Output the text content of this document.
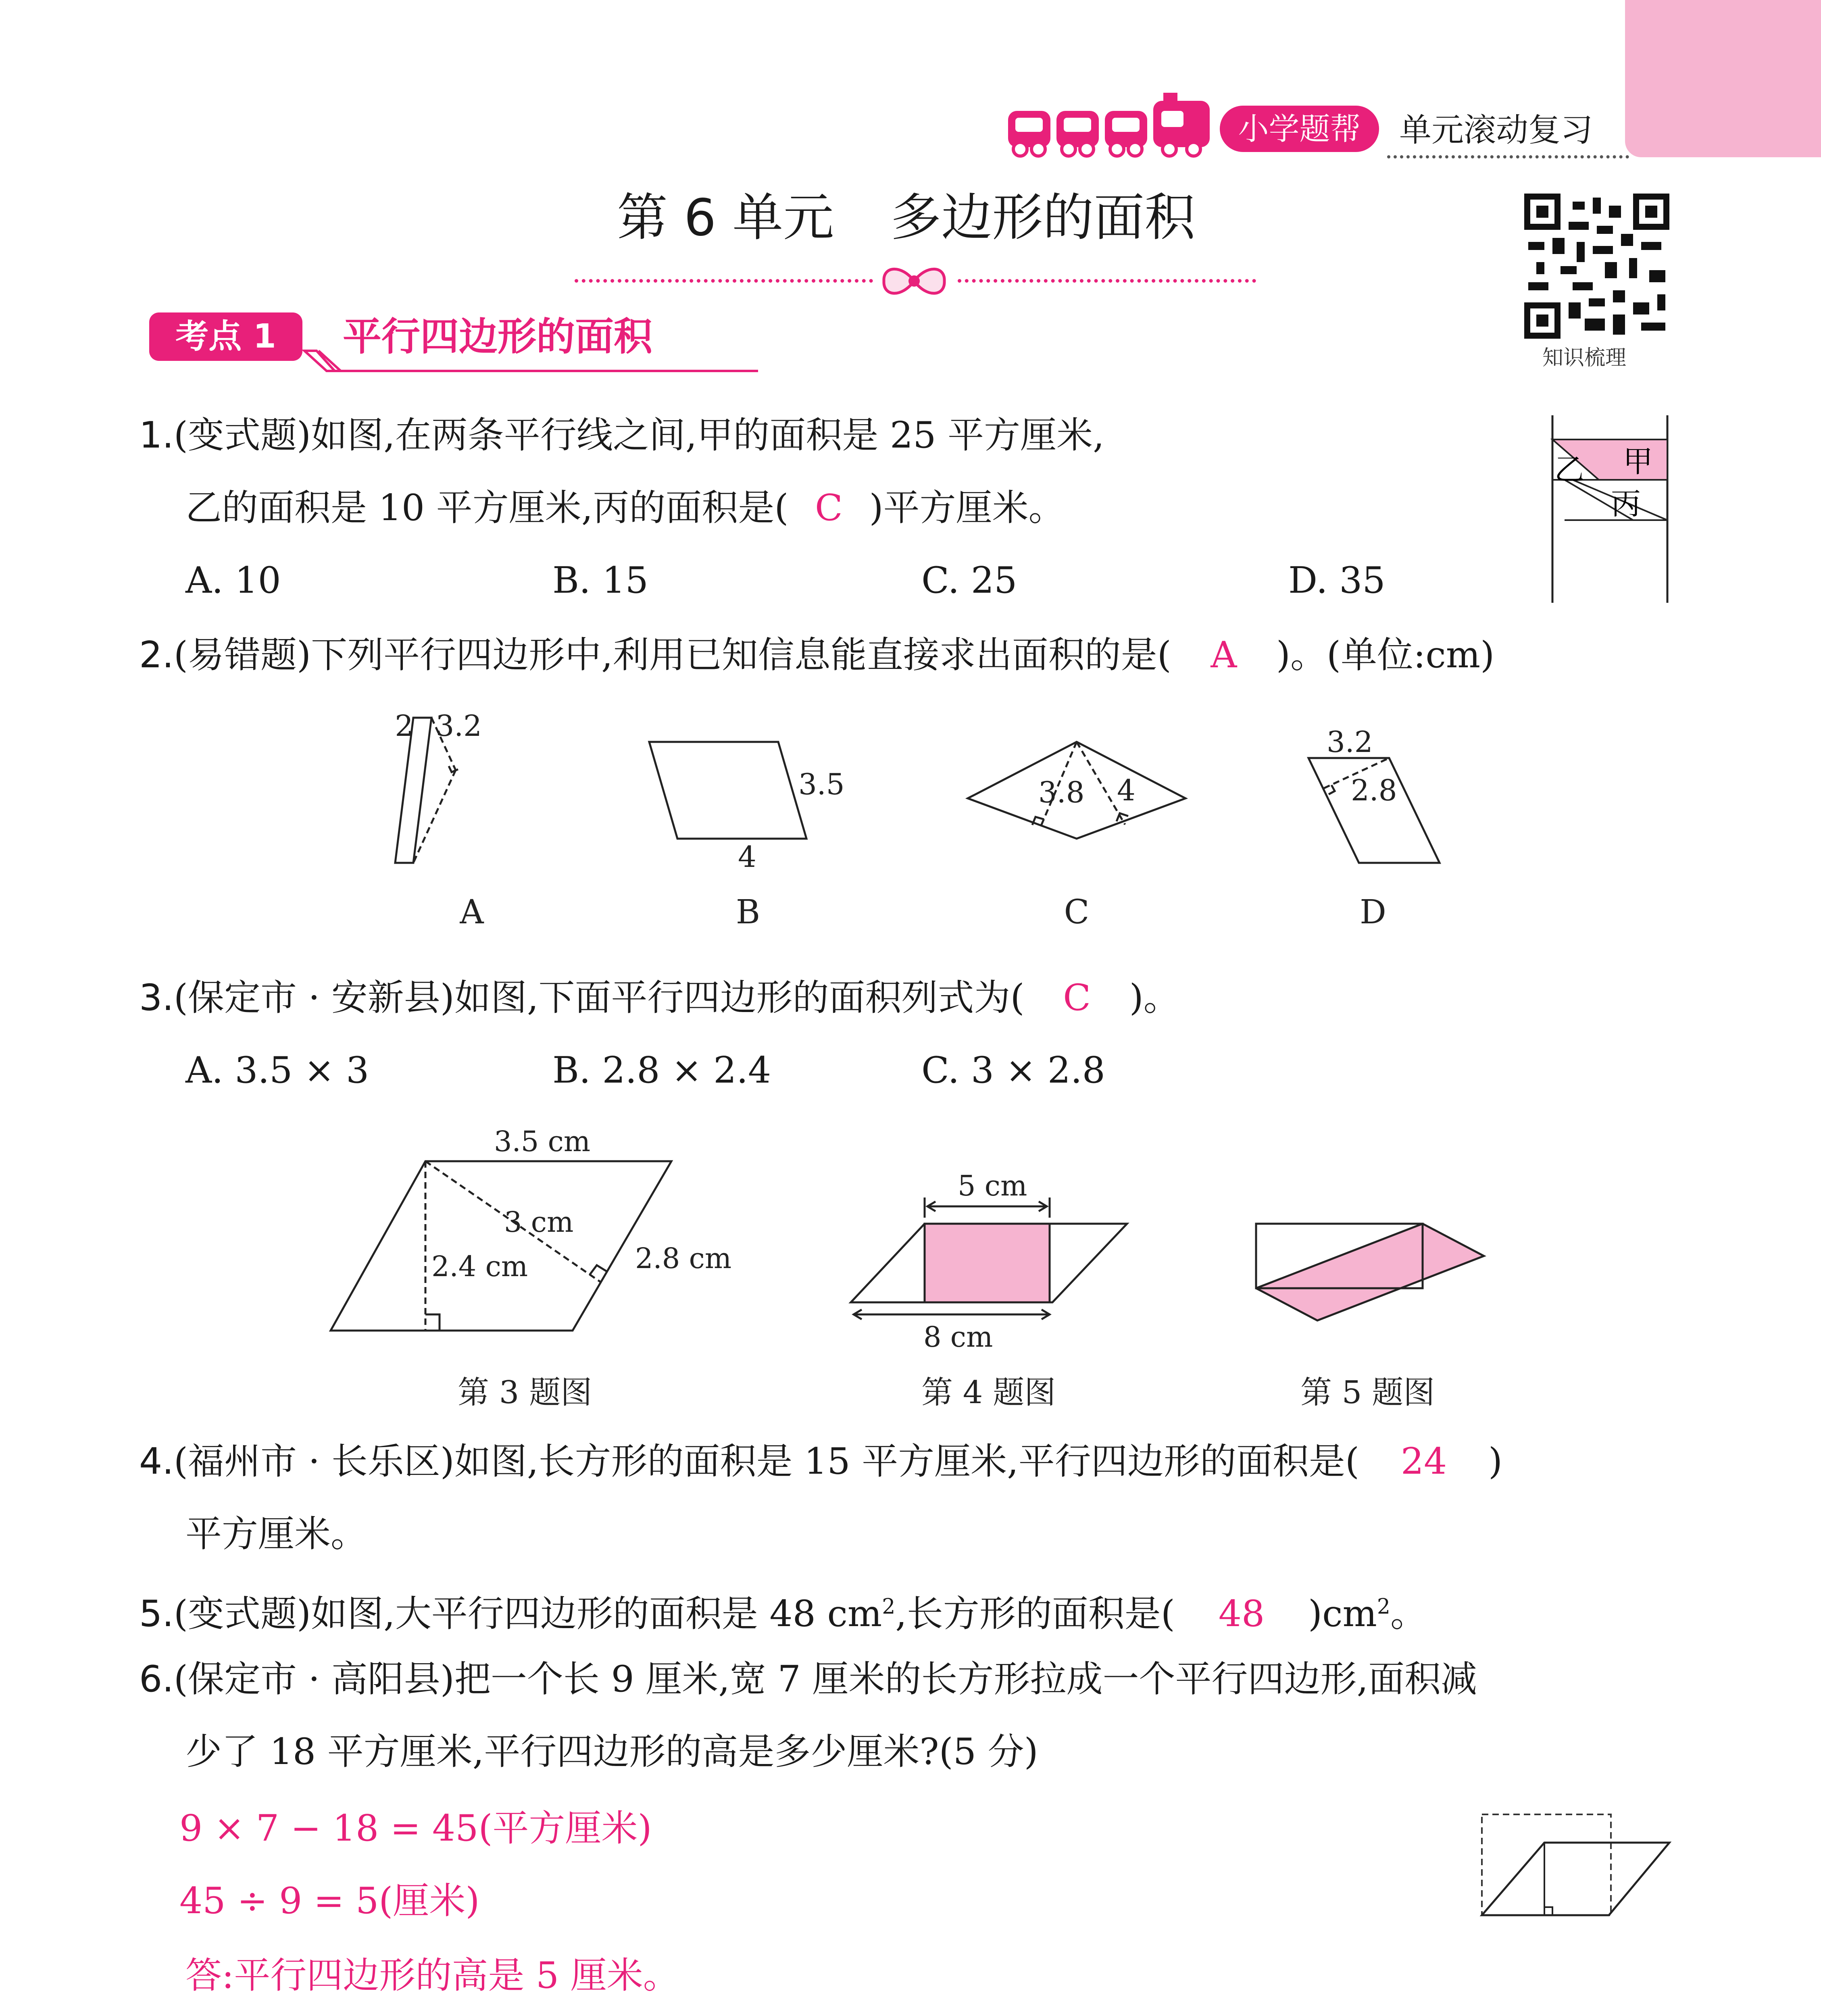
小学题帮	单元滚动复习
第 6 单元 多边形的面积
知识梳理
考点 1	平行四边形的面积
1.(变式题)如图,在两条平行线之间,甲的面积是 25 平方厘米,
乙的面积是 10 平方厘米,丙的面积是( C )平方厘米。
A. 10	B. 15	C. 25	D. 35
乙 甲
丙
2.(易错题)下列平行四边形中,利用已知信息能直接求出面积的是( A )。(单位:cm)
2 3.2
3.5
4
3.8 4
3.2
2.8
A	B	C	D
3.(保定市 · 安新县)如图,下面平行四边形的面积列式为( C )。
A. 3.5 × 3	B. 2.8 × 2.4	C. 3 × 2.8
3.5 cm
3 cm
2.4 cm	2.8 cm
5 cm
8 cm
第 3 题图	第 4 题图	第 5 题图
4.(福州市 · 长乐区)如图,长方形的面积是 15 平方厘米,平行四边形的面积是( 24 )
平方厘米。
5.(变式题)如图,大平行四边形的面积是 48 $cm^2$,长方形的面积是( 48 )$cm^2$。
6.(保定市 · 高阳县)把一个长 9 厘米,宽 7 厘米的长方形拉成一个平行四边形,面积减
少了 18 平方厘米,平行四边形的高是多少厘米?(5 分)
9 × 7 − 18 = 45(平方厘米)
45 ÷ 9 = 5(厘米)
答:平行四边形的高是 5 厘米。
